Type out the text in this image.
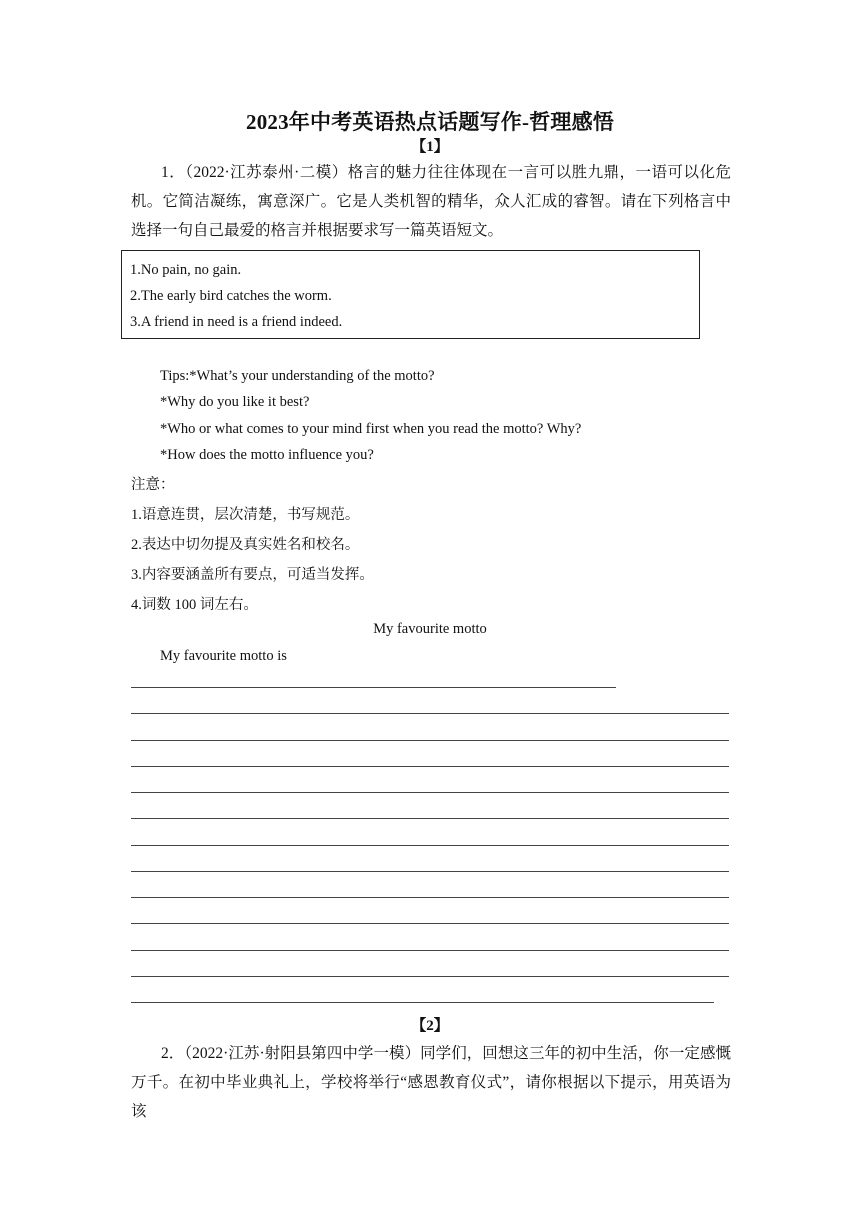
2023年中考英语热点话题写作-哲理感悟
【1】
1．（2022·江苏泰州·二模）格言的魅力往往体现在一言可以胜九鼎，一语可以化危机。它简洁凝练，寓意深广。它是人类机智的精华，众人汇成的睿智。请在下列格言中选择一句自己最爱的格言并根据要求写一篇英语短文。
1.No pain, no gain.
2.The early bird catches the worm.
3.A friend in need is a friend indeed.
Tips:*What’s your understanding of the motto?
*Why do you like it best?
*Who or what comes to your mind first when you read the motto? Why?
*How does the motto influence you?
注意：
1.语意连贯，层次清楚，书写规范。
2.表达中切勿提及真实姓名和校名。
3.内容要涵盖所有要点，可适当发挥。
4.词数 100 词左右。
My favourite motto
My favourite motto is
【2】
2．（2022·江苏·射阳县第四中学一模）同学们，回想这三年的初中生活，你一定感慨万千。在初中毕业典礼上，学校将举行“感恩教育仪式”，请你根据以下提示，用英语为该
